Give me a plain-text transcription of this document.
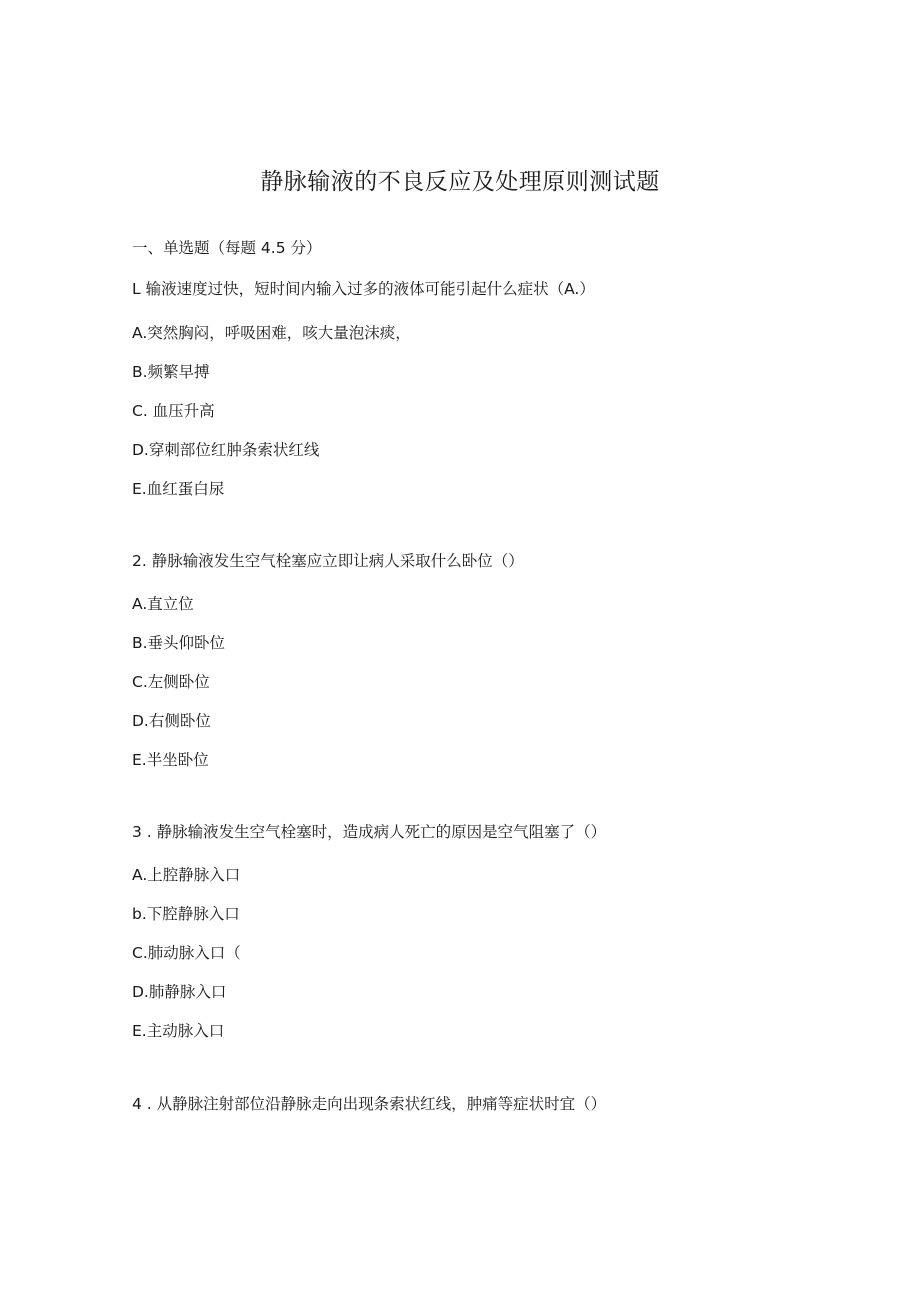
静脉输液的不良反应及处理原则测试题
一、单选题（每题 4.5 分）
L 输液速度过快，短时间内输入过多的液体可能引起什么症状（A.）
A.突然胸闷，呼吸困难，咳大量泡沫痰，
B.频繁早搏
C. 血压升高
D.穿刺部位红肿条索状红线
E.血红蛋白尿
2. 静脉输液发生空气栓塞应立即让病人采取什么卧位（）
A.直立位
B.垂头仰卧位
C.左侧卧位
D.右侧卧位
E.半坐卧位
3 . 静脉输液发生空气栓塞时，造成病人死亡的原因是空气阻塞了（）
A.上腔静脉入口
b.下腔静脉入口
C.肺动脉入口（
D.肺静脉入口
E.主动脉入口
4 . 从静脉注射部位沿静脉走向出现条索状红线，肿痛等症状时宜（）
